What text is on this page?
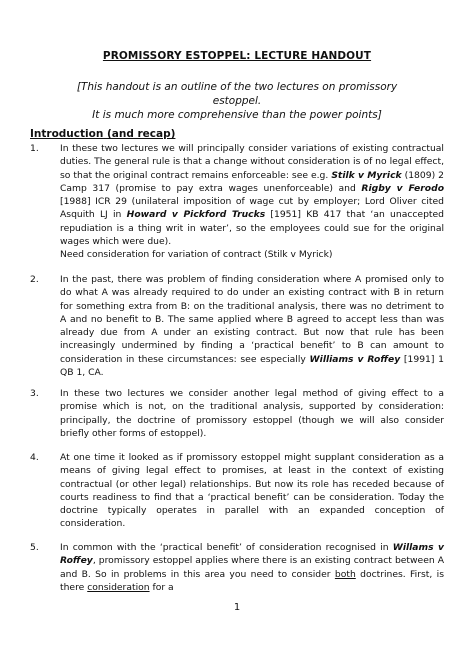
PROMISSORY ESTOPPEL: LECTURE HANDOUT
[This handout is an outline of the two lectures on promissory estoppel.
It is much more comprehensive than the power points]
Introduction (and recap)
1.	In these two lectures we will principally consider variations of existing contractual duties. The general rule is that a change without consideration is of no legal effect, so that the original contract remains enforceable: see e.g. Stilk v Myrick (1809) 2 Camp 317 (promise to pay extra wages unenforceable) and Rigby v Ferodo [1988] ICR 29 (unilateral imposition of wage cut by employer; Lord Oliver cited Asquith LJ in Howard v Pickford Trucks [1951] KB 417 that ‘an unaccepted repudiation is a thing writ in water’, so the employees could sue for the original wages which were due).

Need consideration for variation of contract (Stilk v Myrick)

2.	In the past, there was problem of finding consideration where A promised only to do what A was already required to do under an existing contract with B in return for something extra from B: on the traditional analysis, there was no detriment to A and no benefit to B. The same applied where B agreed to accept less than was already due from A under an existing contract. But now that rule has been increasingly undermined by finding a ‘practical benefit’ to B can amount to consideration in these circumstances: see especially Williams v Roffey [1991] 1 QB 1, CA.

3.	In these two lectures we consider another legal method of giving effect to a promise which is not, on the traditional analysis, supported by consideration: principally, the doctrine of promissory estoppel (though we will also consider briefly other forms of estoppel).

4.	At one time it looked as if promissory estoppel might supplant consideration as a means of giving legal effect to promises, at least in the context of existing contractual (or other legal) relationships. But now its role has receded because of courts readiness to find that a ‘practical benefit’ can be consideration. Today the doctrine typically operates in parallel with an expanded conception of consideration.

5.	In common with the ‘practical benefit’ of consideration recognised in Willams v Roffey, promissory estoppel applies where there is an existing contract between A and B. So in problems in this area you need to consider both doctrines. First, is there consideration for a

1
